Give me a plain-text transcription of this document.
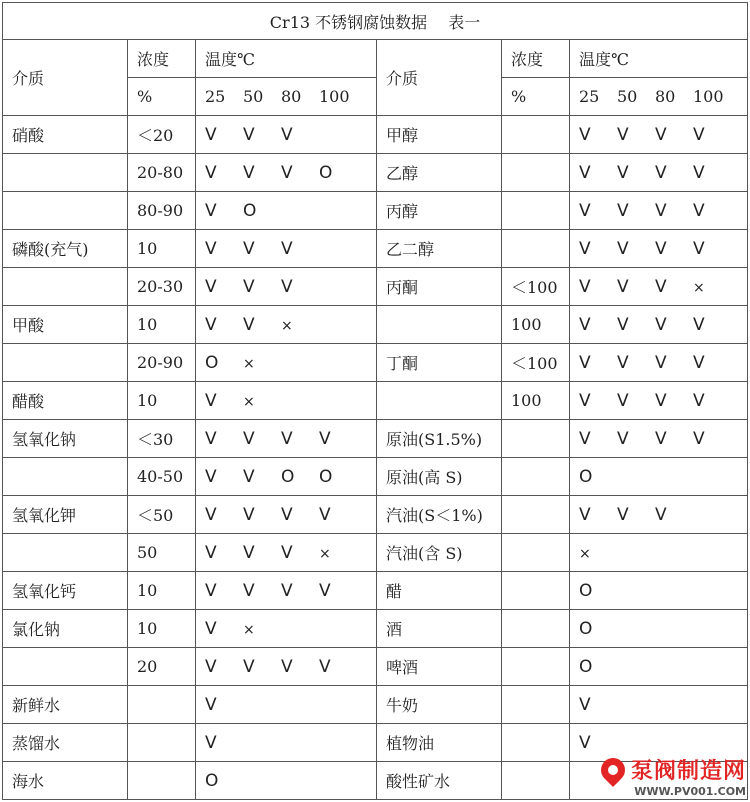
Cr13 不锈钢腐蚀数据　 表一					
介质	浓度	温度℃	介质	浓度	温度℃
	%	25 50 80 100		%	25 50 80 100
硝酸	＜20	V V V	甲醇		V V V V
	20-80	V V V O	乙醇		V V V V
	80-90	V O	丙醇		V V V V
磷酸(充气)	10	V V V	乙二醇		V V V V
	20-30	V V V	丙酮	＜100	V V V ×
甲酸	10	V V ×		100	V V V V
	20-90	O ×	丁酮	＜100	V V V V
醋酸	10	V ×		100	V V V V
氢氧化钠	＜30	V V V V	原油(S1.5%)		V V V V
	40-50	V V O O	原油(高 S)		O
氢氧化钾	＜50	V V V V	汽油(S＜1%)		V V V
	50	V V V ×	汽油(含 S)		×
氢氧化钙	10	V V V V	醋		O
氯化钠	10	V ×	酒		O
	20	V V V V	啤酒		O
新鲜水		V	牛奶		V
蒸馏水		V	植物油		V
海水		O	酸性矿水			泵阀制造网
WWW.PV001.COM
